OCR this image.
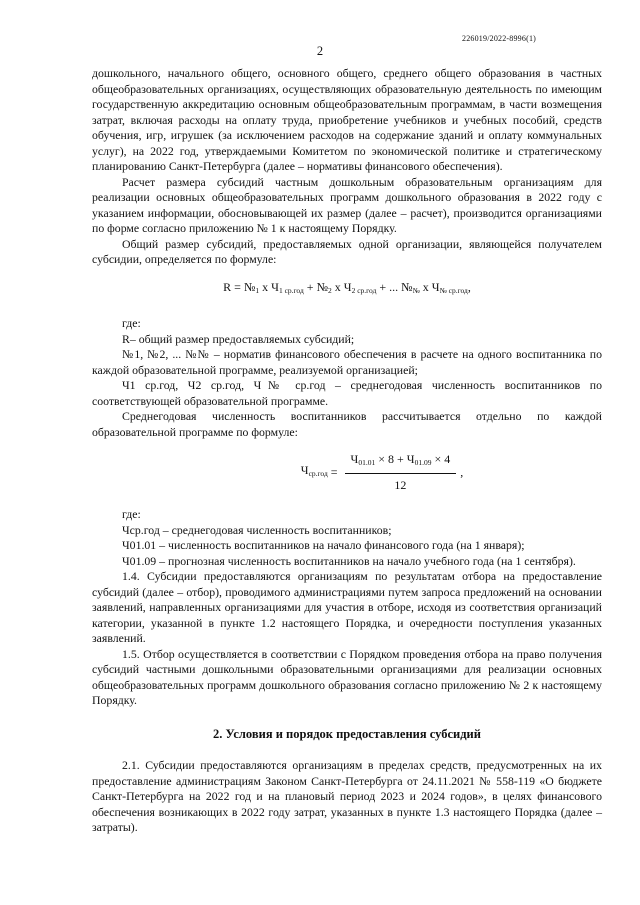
226019/2022-8996(1)
2

дошкольного, начального общего, основного общего, среднего общего образования в частных общеобразовательных организациях, осуществляющих образовательную деятельность по имеющим государственную аккредитацию основным общеобразовательным программам, в части возмещения затрат, включая расходы на оплату труда, приобретение учебников и учебных пособий, средств обучения, игр, игрушек (за исключением расходов на содержание зданий и оплату коммунальных услуг), на 2022 год, утверждаемыми Комитетом по экономической политике и стратегическому планированию Санкт-Петербурга (далее – нормативы финансового обеспечения).

Расчет размера субсидий частным дошкольным образовательным организациям для реализации основных общеобразовательных программ дошкольного образования в 2022 году с указанием информации, обосновывающей их размер (далее – расчет), производится организациями по форме согласно приложению № 1 к настоящему Порядку.

Общий размер субсидий, предоставляемых одной организации, являющейся получателем субсидии, определяется по формуле:

$R = №_1$ x $Ч_{1 ср.год}$ + $№_2$ x $Ч_{2 ср.год}$ + ... $№_№$ x $Ч_{№ ср.год}$,

где:

R– общий размер предоставляемых субсидий;

№1, №2, ... №№ – норматив финансового обеспечения в расчете на одного воспитанника по каждой образовательной программе, реализуемой организацией;

Ч1 ср.год, Ч2 ср.год, Ч№ ср.год – среднегодовая численность воспитанников по соответствующей образовательной программе.

Среднегодовая численность воспитанников рассчитывается отдельно по каждой образовательной программе по формуле:

$Ч_{ср.год} = \frac{Ч_{01.01} \times 8 + Ч_{01.09} \times 4}{12}$ ,

где:

Чср.год – среднегодовая численность воспитанников;

Ч01.01 – численность воспитанников на начало финансового года (на 1 января);

Ч01.09 – прогнозная численность воспитанников на начало учебного года (на 1 сентября).

1.4. Субсидии предоставляются организациям по результатам отбора на предоставление субсидий (далее – отбор), проводимого администрациями путем запроса предложений на основании заявлений, направленных организациями для участия в отборе, исходя из соответствия организаций категории, указанной в пункте 1.2 настоящего Порядка, и очередности поступления указанных заявлений.

1.5. Отбор осуществляется в соответствии с Порядком проведения отбора на право получения субсидий частными дошкольными образовательными организациями для реализации основных общеобразовательных программ дошкольного образования согласно приложению № 2 к настоящему Порядку.

2. Условия и порядок предоставления субсидий

2.1. Субсидии предоставляются организациям в пределах средств, предусмотренных на их предоставление администрациям Законом Санкт-Петербурга от 24.11.2021 № 558-119 «О бюджете Санкт-Петербурга на 2022 год и на плановый период 2023 и 2024 годов», в целях финансового обеспечения возникающих в 2022 году затрат, указанных в пункте 1.3 настоящего Порядка (далее – затраты).
